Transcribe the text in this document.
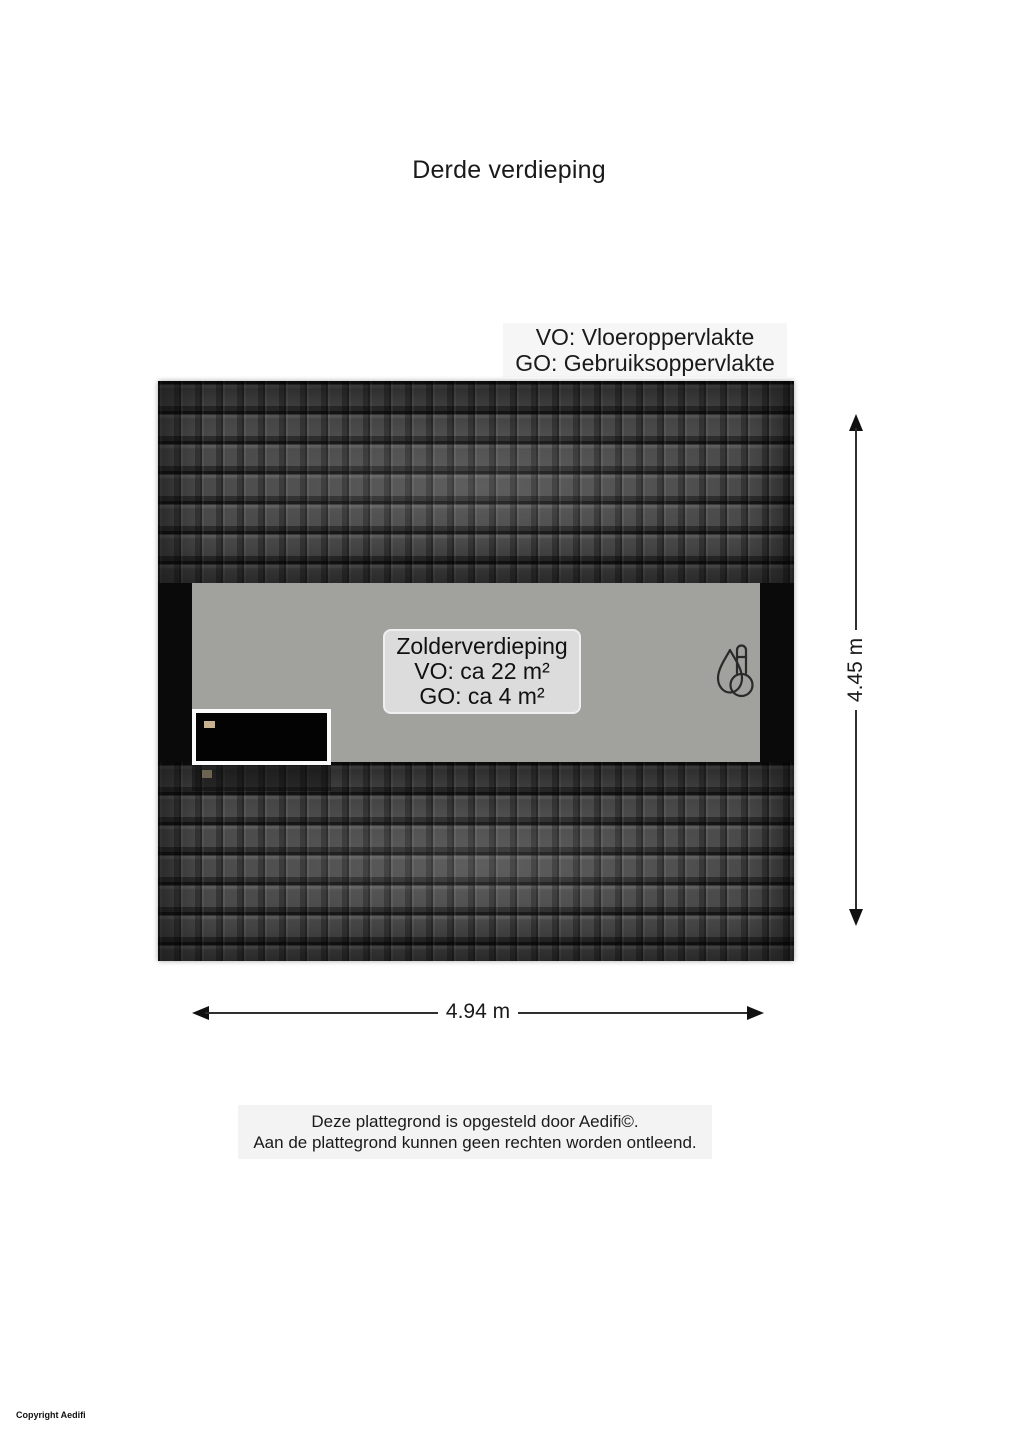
Derde verdieping
VO: Vloeroppervlakte
GO: Gebruiksoppervlakte
Zolderverdieping
VO: ca 22 m²
GO: ca 4 m²	4.45 m
4.94 m
Deze plattegrond is opgesteld door Aedifi©.
Aan de plattegrond kunnen geen rechten worden ontleend.
Copyright Aedifi
